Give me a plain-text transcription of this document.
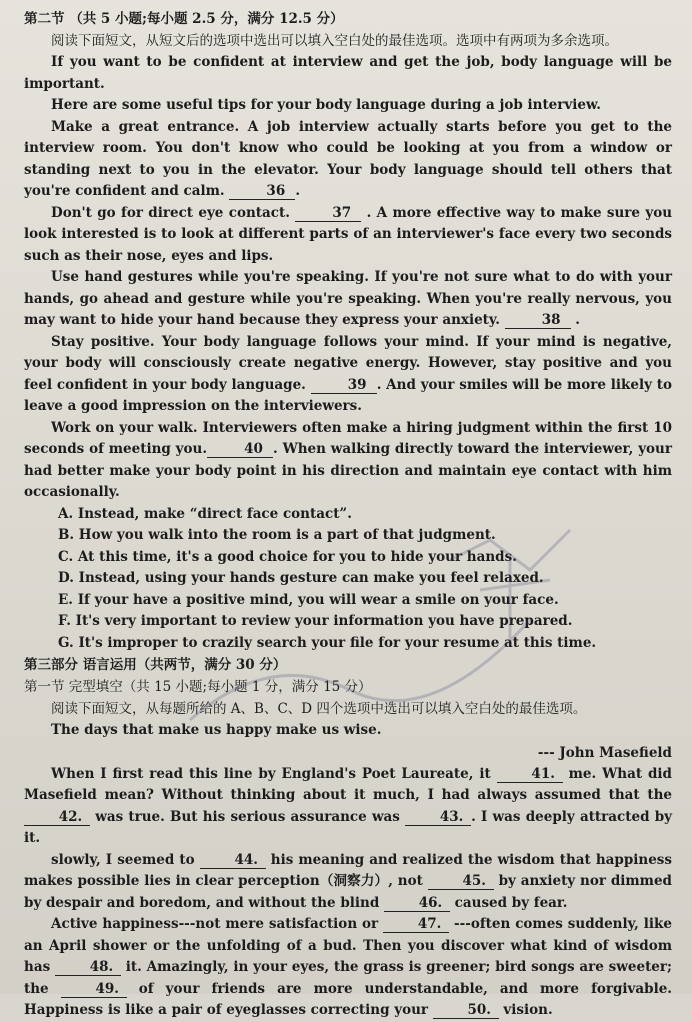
第二节 （共 5 小题;每小题 2.5 分，满分 12.5 分）

阅读下面短文，从短文后的选项中选出可以填入空白处的最佳选项。选项中有两项为多余选项。

If you want to be confident at interview and get the job, body language will be important.

Here are some useful tips for your body language during a job interview.

Make a great entrance. A job interview actually starts before you get to the interview room. You don't know who could be looking at you from a window or standing next to you in the elevator. Your body language should tell others that you're confident and calm.	36 .

Don't go for direct eye contact.	37 . A more effective way to make sure you look interested is to look at different parts of an interviewer's face every two seconds such as their nose, eyes and lips.

Use hand gestures while you're speaking. If you're not sure what to do with your hands, go ahead and gesture while you're speaking. When you're really nervous, you may want to hide your hand because they express your anxiety.	38 .

Stay positive. Your body language follows your mind. If your mind is negative, your body will consciously create negative energy. However, stay positive and you feel confident in your body language.	39 . And your smiles will be more likely to leave a good impression on the interviewers.

Work on your walk. Interviewers often make a hiring judgment within the first 10 seconds of meeting you.	40 . When walking directly toward the interviewer, your had better make your body point in his direction and maintain eye contact with him occasionally.

A. Instead, make “direct face contact”.

B. How you walk into the room is a part of that judgment.

C. At this time, it's a good choice for you to hide your hands.

D. Instead, using your hands gesture can make you feel relaxed.

E. If your have a positive mind, you will wear a smile on your face.

F. It's very important to review your information you have prepared.

G. It's improper to crazily search your file for your resume at this time.

第三部分 语言运用（共两节，满分 30 分）

第一节 完型填空（共 15 小题;每小题 1 分，满分 15 分）

阅读下面短文，从每题所给的 A、B、C、D 四个选项中选出可以填入空白处的最佳选项。

The days that make us happy make us wise.

--- John Masefield

When I first read this line by England's Poet Laureate, it	41. me. What did Masefield mean? Without thinking about it much, I had always assumed that the 42. was true. But his serious assurance was	43. . I was deeply attracted by it.

slowly, I seemed to	44. his meaning and realized the wisdom that happiness makes possible lies in clear perception（洞察力）, not	45. by anxiety nor dimmed by despair and boredom, and without the blind	46. caused by fear.

Active happiness---not mere satisfaction or	47. ---often comes suddenly, like an April shower or the unfolding of a bud. Then you discover what kind of wisdom has	48. it. Amazingly, in your eyes, the grass is greener; bird songs are sweeter; the	49. of your friends are more understandable, and more forgivable. Happiness is like a pair of eyeglasses correcting your	50. vision.
